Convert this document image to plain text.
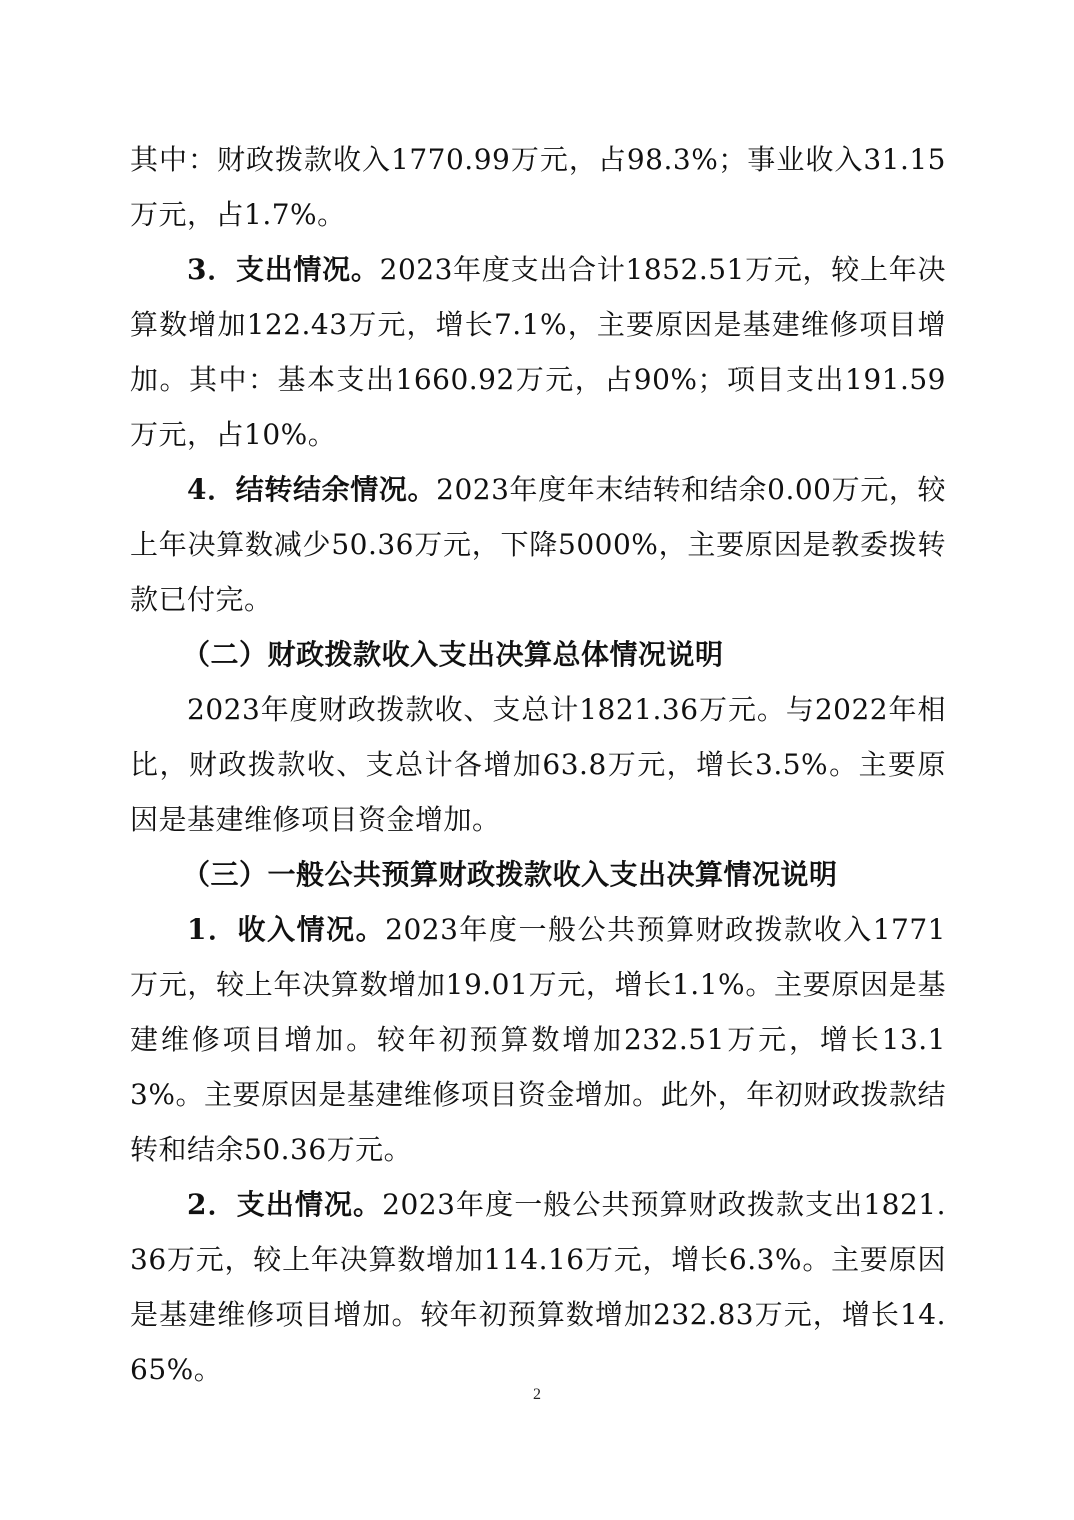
其中：财政拨款收入1770.99万元，占98.3%；事业收入31.15万元，占1.7%。

3．支出情况。2023年度支出合计1852.51万元，较上年决算数增加122.43万元，增长7.1%，主要原因是基建维修项目增加。其中：基本支出1660.92万元，占90%；项目支出191.59万元，占10%。

4．结转结余情况。2023年度年末结转和结余0.00万元，较上年决算数减少50.36万元，下降5000%，主要原因是教委拨转款已付完。

（二）财政拨款收入支出决算总体情况说明

2023年度财政拨款收、支总计1821.36万元。与2022年相比，财政拨款收、支总计各增加63.8万元，增长3.5%。主要原因是基建维修项目资金增加。

（三）一般公共预算财政拨款收入支出决算情况说明

1．收入情况。2023年度一般公共预算财政拨款收入1771万元，较上年决算数增加19.01万元，增长1.1%。主要原因是基建维修项目增加。较年初预算数增加232.51万元，增长13.13%。主要原因是基建维修项目资金增加。此外，年初财政拨款结转和结余50.36万元。

2．支出情况。2023年度一般公共预算财政拨款支出1821.36万元，较上年决算数增加114.16万元，增长6.3%。主要原因是基建维修项目增加。较年初预算数增加232.83万元，增长14.65%。

2
